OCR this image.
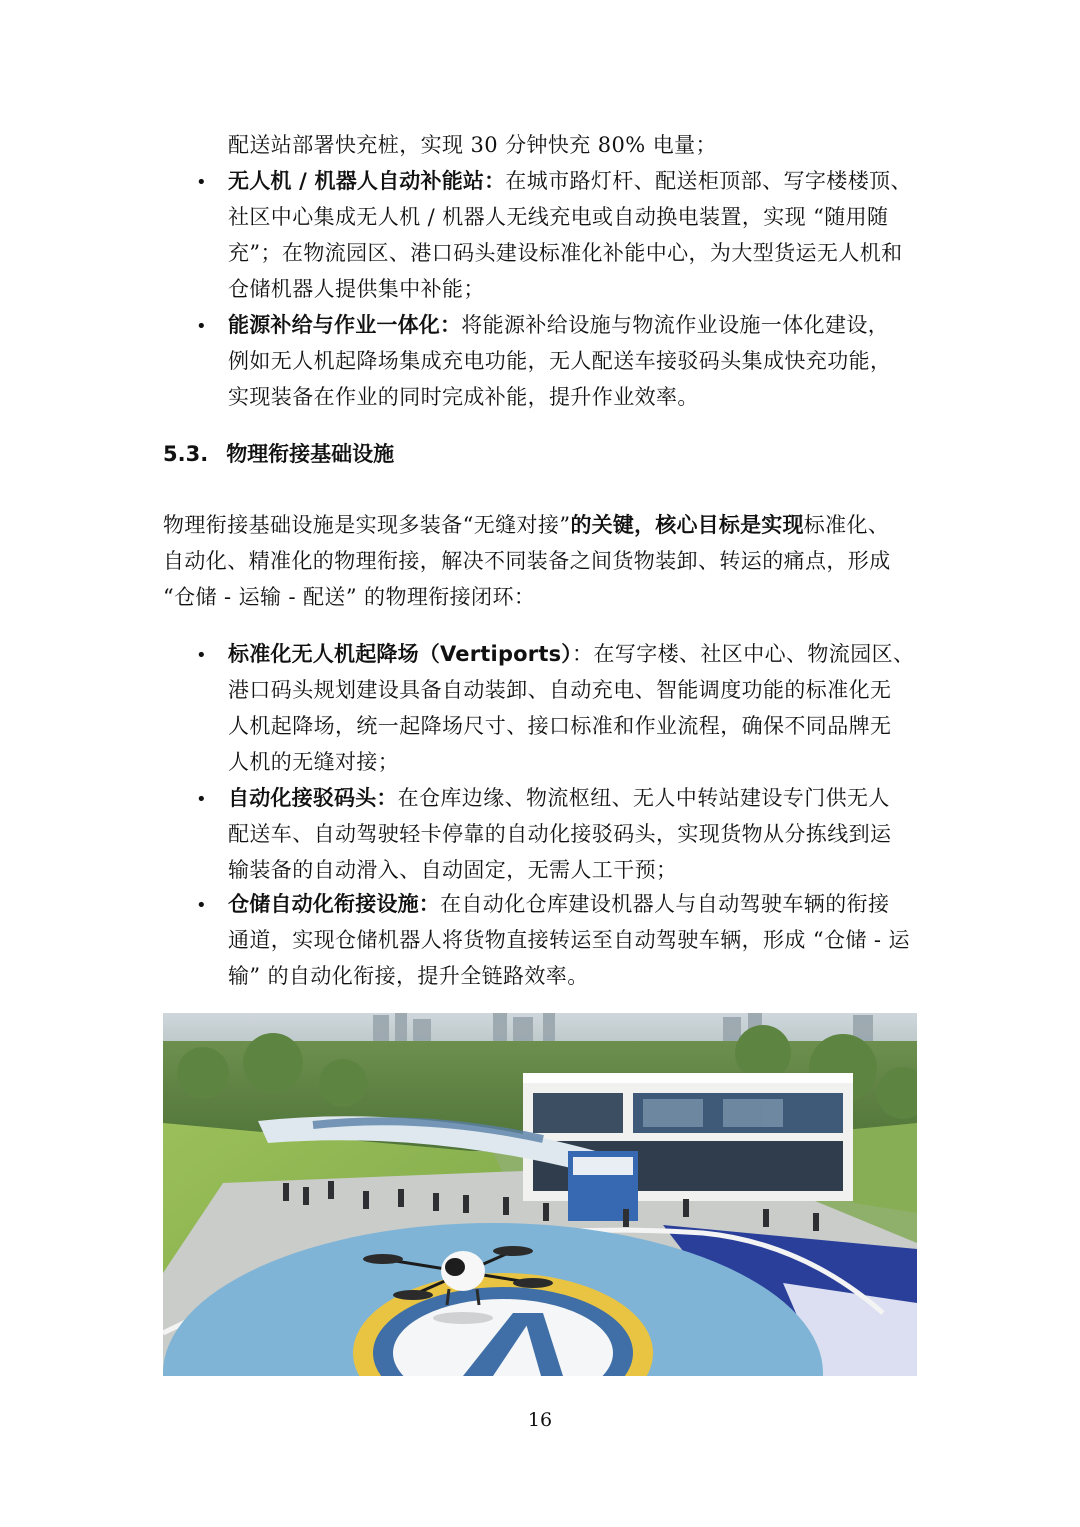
配送站部署快充桩，实现 30 分钟快充 80% 电量；
• 无人机 / 机器人自动补能站：在城市路灯杆、配送柜顶部、写字楼楼顶、
社区中心集成无人机 / 机器人无线充电或自动换电装置，实现 “随用随
充”；在物流园区、港口码头建设标准化补能中心，为大型货运无人机和
仓储机器人提供集中补能；
• 能源补给与作业一体化：将能源补给设施与物流作业设施一体化建设，
例如无人机起降场集成充电功能，无人配送车接驳码头集成快充功能，
实现装备在作业的同时完成补能，提升作业效率。
5.3. 物理衔接基础设施
物理衔接基础设施是实现多装备“无缝对接”的关键，核心目标是实现标准化、
自动化、精准化的物理衔接，解决不同装备之间货物装卸、转运的痛点，形成
“仓储 - 运输 - 配送” 的物理衔接闭环：
• 标准化无人机起降场（Vertiports）：在写字楼、社区中心、物流园区、
港口码头规划建设具备自动装卸、自动充电、智能调度功能的标准化无
人机起降场，统一起降场尺寸、接口标准和作业流程，确保不同品牌无
人机的无缝对接；
• 自动化接驳码头：在仓库边缘、物流枢纽、无人中转站建设专门供无人
配送车、自动驾驶轻卡停靠的自动化接驳码头，实现货物从分拣线到运
输装备的自动滑入、自动固定，无需人工干预；
• 仓储自动化衔接设施：在自动化仓库建设机器人与自动驾驶车辆的衔接
通道，实现仓储机器人将货物直接转运至自动驾驶车辆，形成 “仓储 - 运
输” 的自动化衔接，提升全链路效率。
16
